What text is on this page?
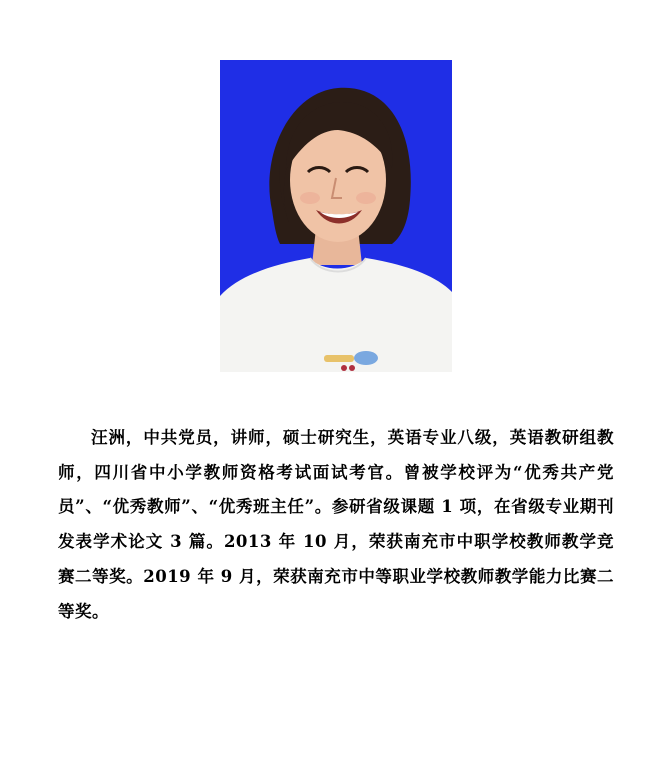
汪洲，中共党员，讲师，硕士研究生，英语专业八级，英语教研组教师，四川省中小学教师资格考试面试考官。曾被学校评为“优秀共产党员”、“优秀教师”、“优秀班主任”。参研省级课题 1 项，在省级专业期刊发表学术论文 3 篇。2013 年 10 月，荣获南充市中职学校教师教学竞赛二等奖。2019 年 9 月，荣获南充市中等职业学校教师教学能力比赛二等奖。
